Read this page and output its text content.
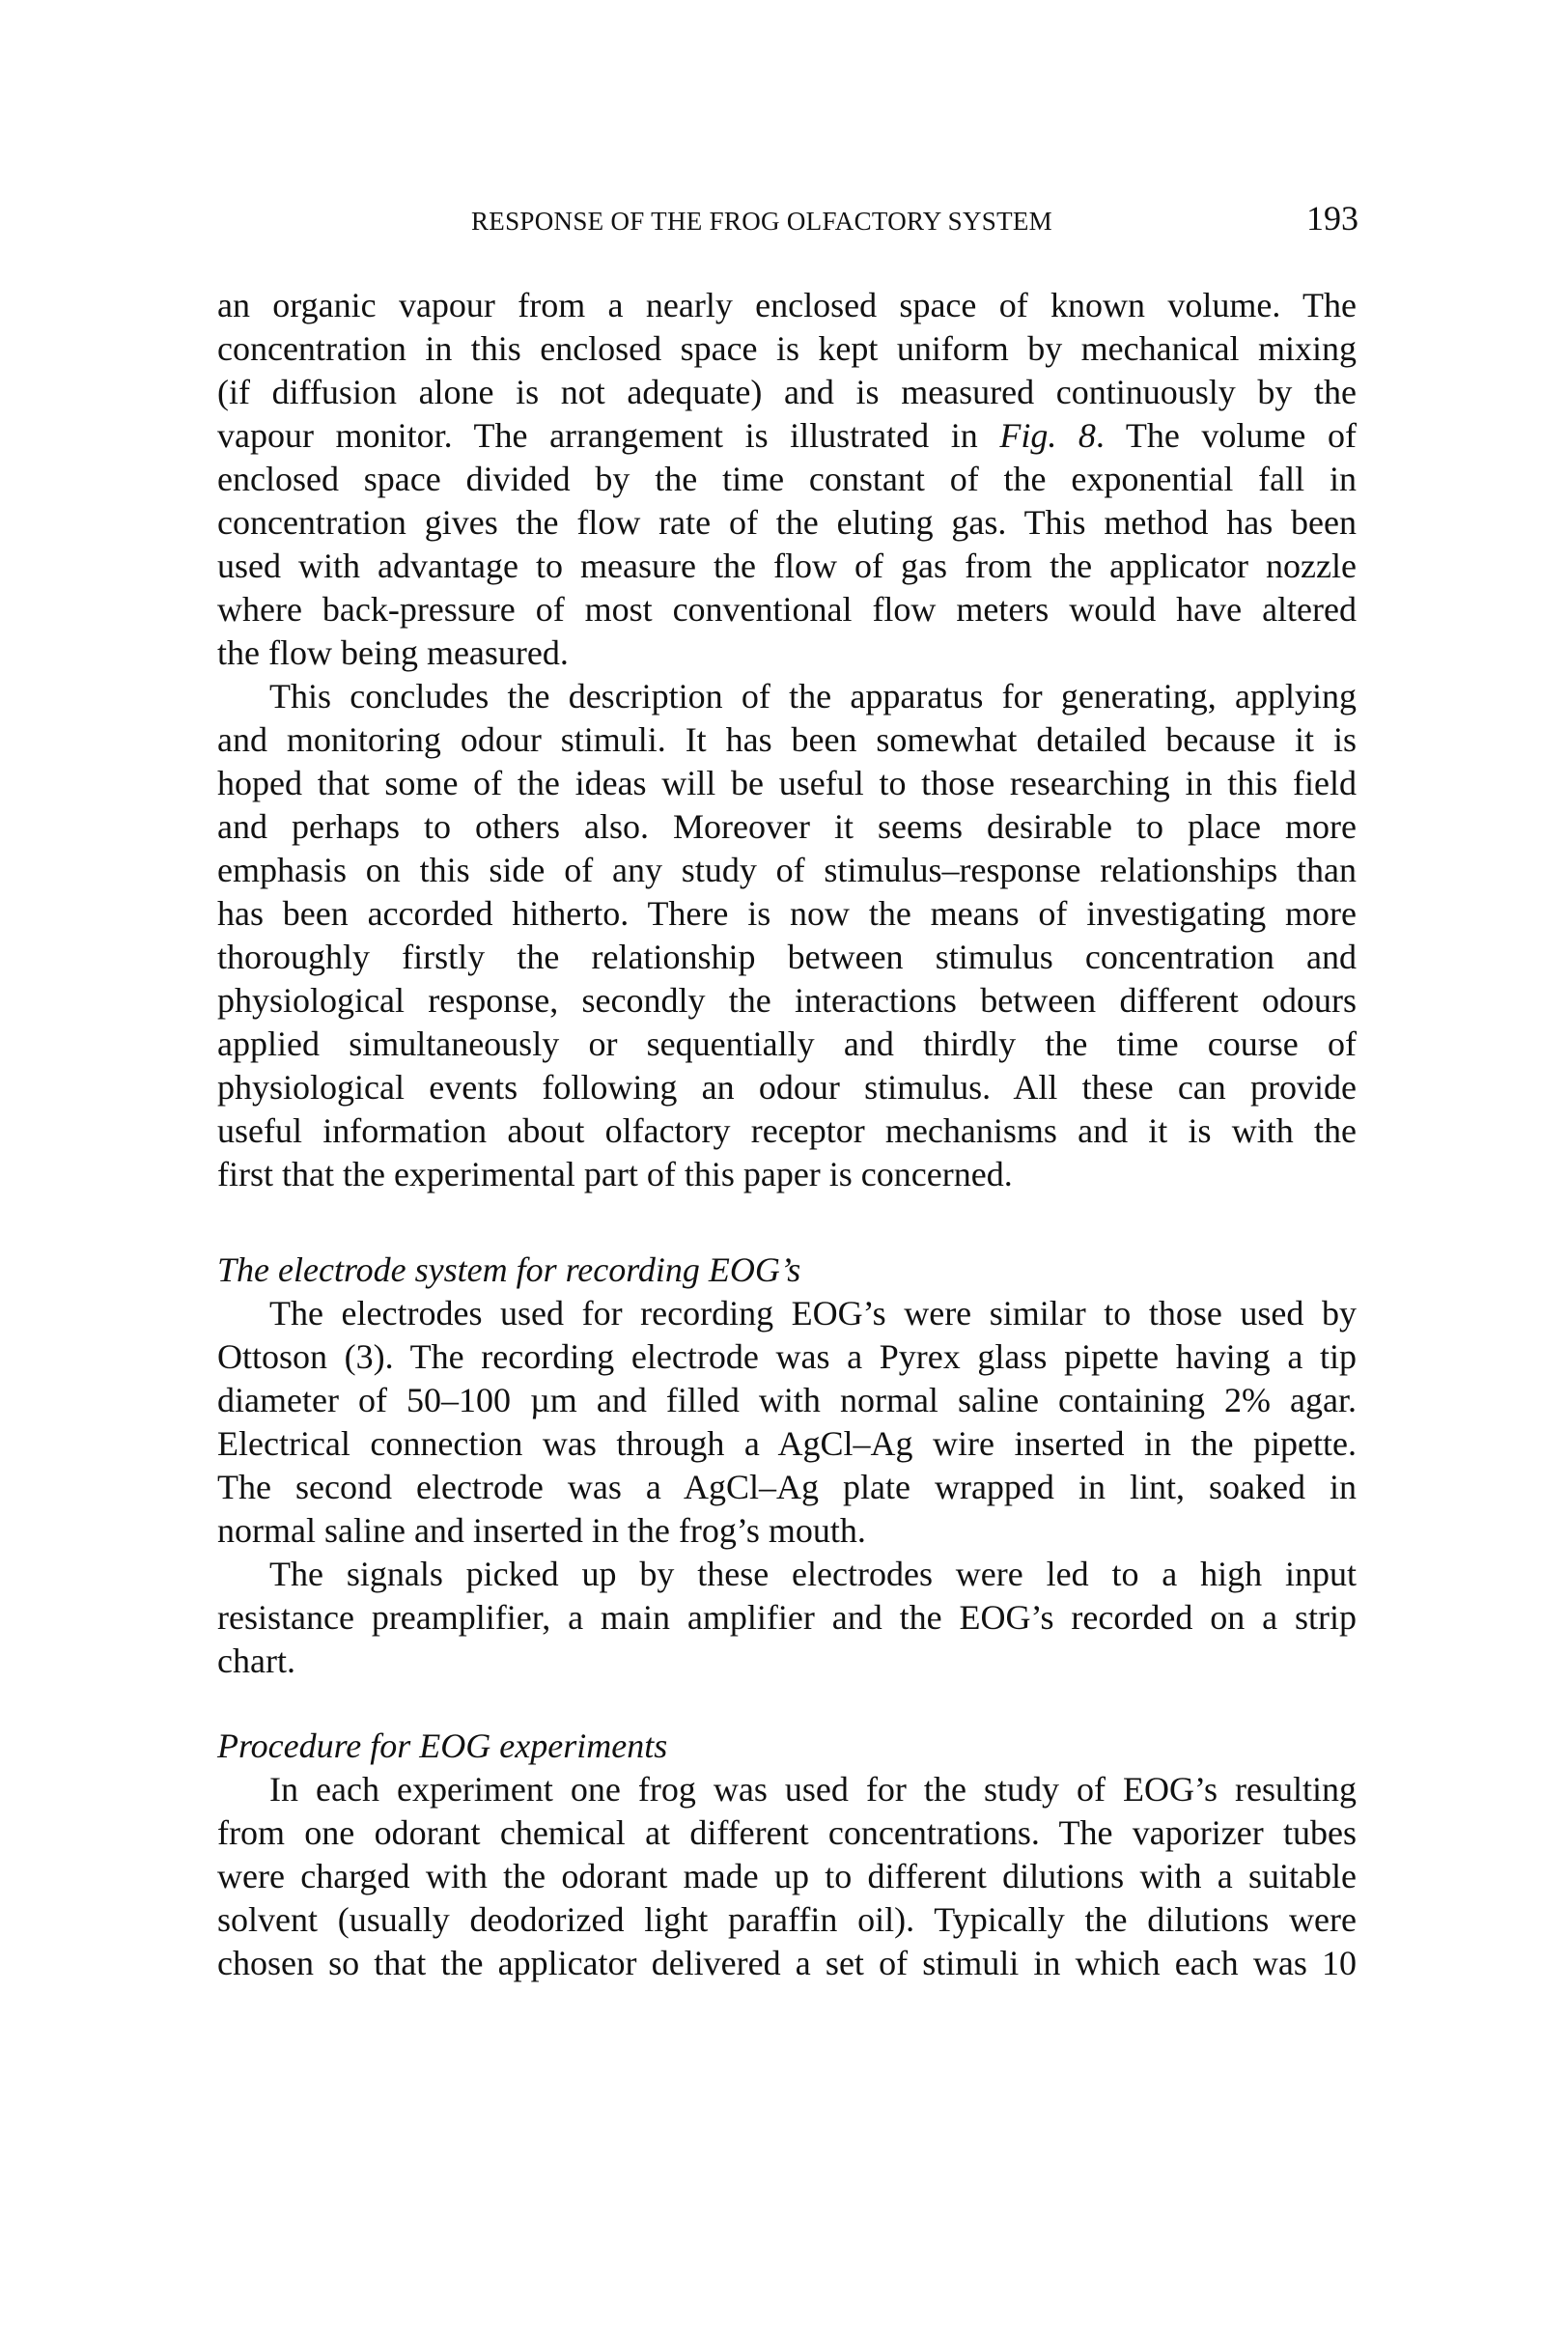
RESPONSE OF THE FROG OLFACTORY SYSTEM	193
an organic vapour from a nearly enclosed space of known volume. The
concentration in this enclosed space is kept uniform by mechanical mixing
(if diffusion alone is not adequate) and is measured continuously by the
vapour monitor. The arrangement is illustrated in Fig. 8. The volume of
enclosed space divided by the time constant of the exponential fall in
concentration gives the flow rate of the eluting gas. This method has been
used with advantage to measure the flow of gas from the applicator nozzle
where back-pressure of most conventional flow meters would have altered
the flow being measured.
This concludes the description of the apparatus for generating, applying
and monitoring odour stimuli. It has been somewhat detailed because it is
hoped that some of the ideas will be useful to those researching in this field
and perhaps to others also. Moreover it seems desirable to place more
emphasis on this side of any study of stimulus–response relationships than
has been accorded hitherto. There is now the means of investigating more
thoroughly firstly the relationship between stimulus concentration and
physiological response, secondly the interactions between different odours
applied simultaneously or sequentially and thirdly the time course of
physiological events following an odour stimulus. All these can provide
useful information about olfactory receptor mechanisms and it is with the
first that the experimental part of this paper is concerned.
The electrode system for recording EOG’s
The electrodes used for recording EOG’s were similar to those used by
Ottoson (3). The recording electrode was a Pyrex glass pipette having a tip
diameter of 50–100 µm and filled with normal saline containing 2% agar.
Electrical connection was through a AgCl–Ag wire inserted in the pipette.
The second electrode was a AgCl–Ag plate wrapped in lint, soaked in
normal saline and inserted in the frog’s mouth.
The signals picked up by these electrodes were led to a high input
resistance preamplifier, a main amplifier and the EOG’s recorded on a strip
chart.
Procedure for EOG experiments
In each experiment one frog was used for the study of EOG’s resulting
from one odorant chemical at different concentrations. The vaporizer tubes
were charged with the odorant made up to different dilutions with a suitable
solvent (usually deodorized light paraffin oil). Typically the dilutions were
chosen so that the applicator delivered a set of stimuli in which each was 10
